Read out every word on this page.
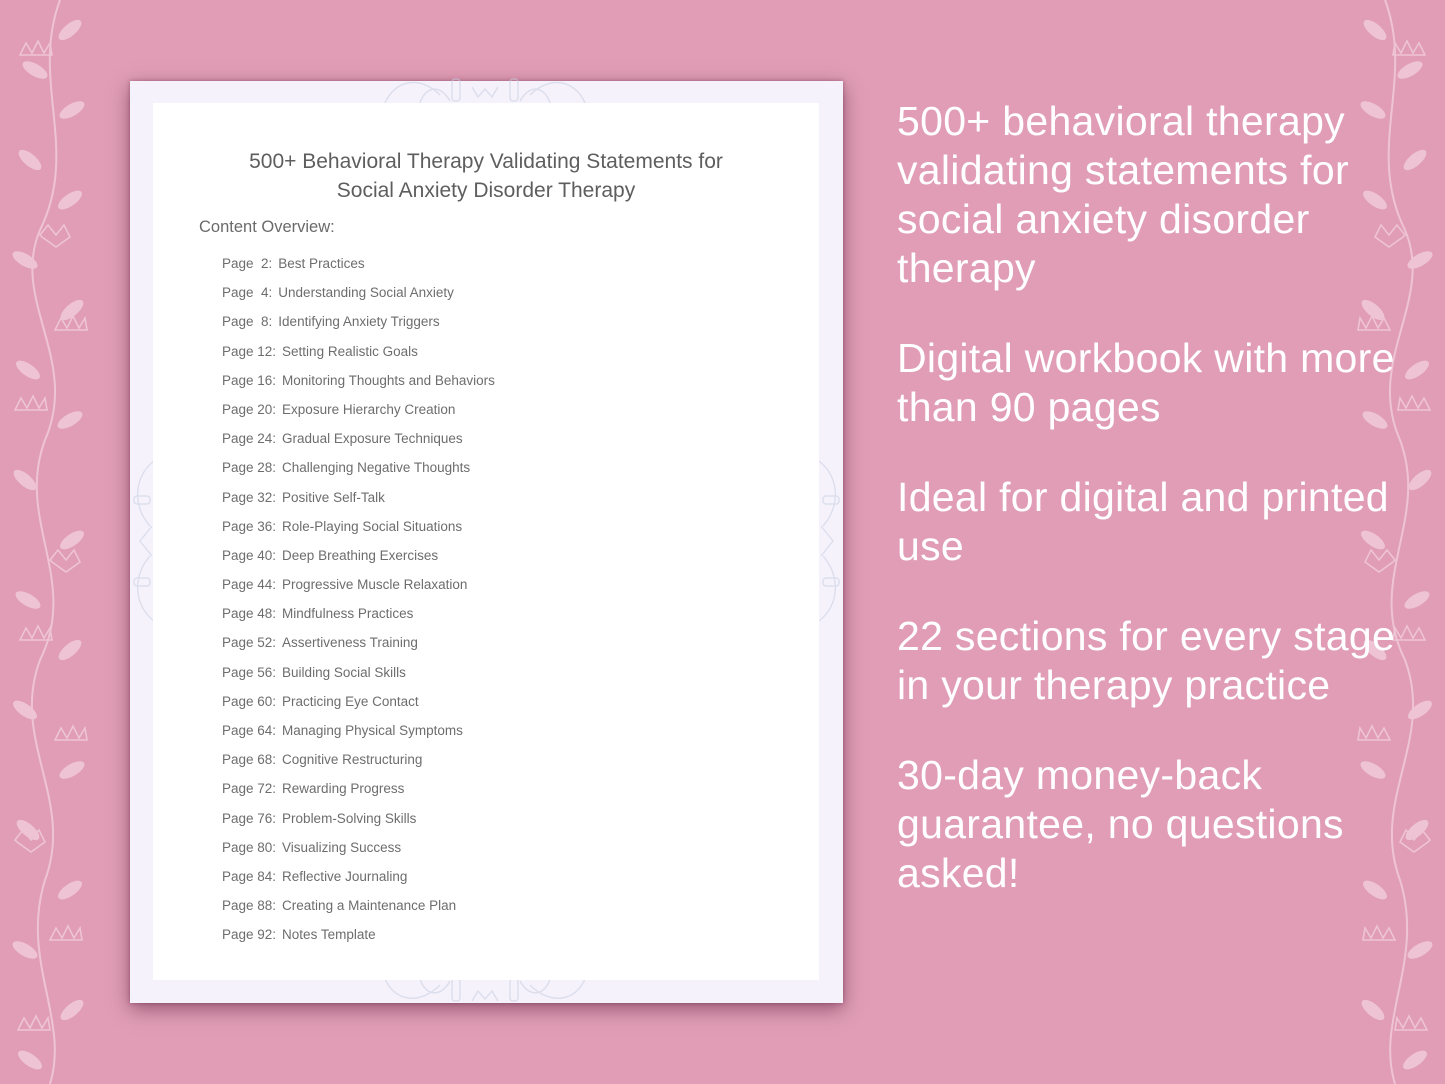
500+ Behavioral Therapy Validating Statements for
Social Anxiety Disorder Therapy
Content Overview:
Page  2: Best Practices
Page  4: Understanding Social Anxiety
Page  8: Identifying Anxiety Triggers
Page 12: Setting Realistic Goals
Page 16: Monitoring Thoughts and Behaviors
Page 20: Exposure Hierarchy Creation
Page 24: Gradual Exposure Techniques
Page 28: Challenging Negative Thoughts
Page 32: Positive Self-Talk
Page 36: Role-Playing Social Situations
Page 40: Deep Breathing Exercises
Page 44: Progressive Muscle Relaxation
Page 48: Mindfulness Practices
Page 52: Assertiveness Training
Page 56: Building Social Skills
Page 60: Practicing Eye Contact
Page 64: Managing Physical Symptoms
Page 68: Cognitive Restructuring
Page 72: Rewarding Progress
Page 76: Problem-Solving Skills
Page 80: Visualizing Success
Page 84: Reflective Journaling
Page 88: Creating a Maintenance Plan
Page 92: Notes Template

500+ behavioral therapy validating statements for social anxiety disorder therapy

Digital workbook with more than 90 pages

Ideal for digital and printed use

22 sections for every stage in your therapy practice

30-day money-back guarantee, no questions asked!
